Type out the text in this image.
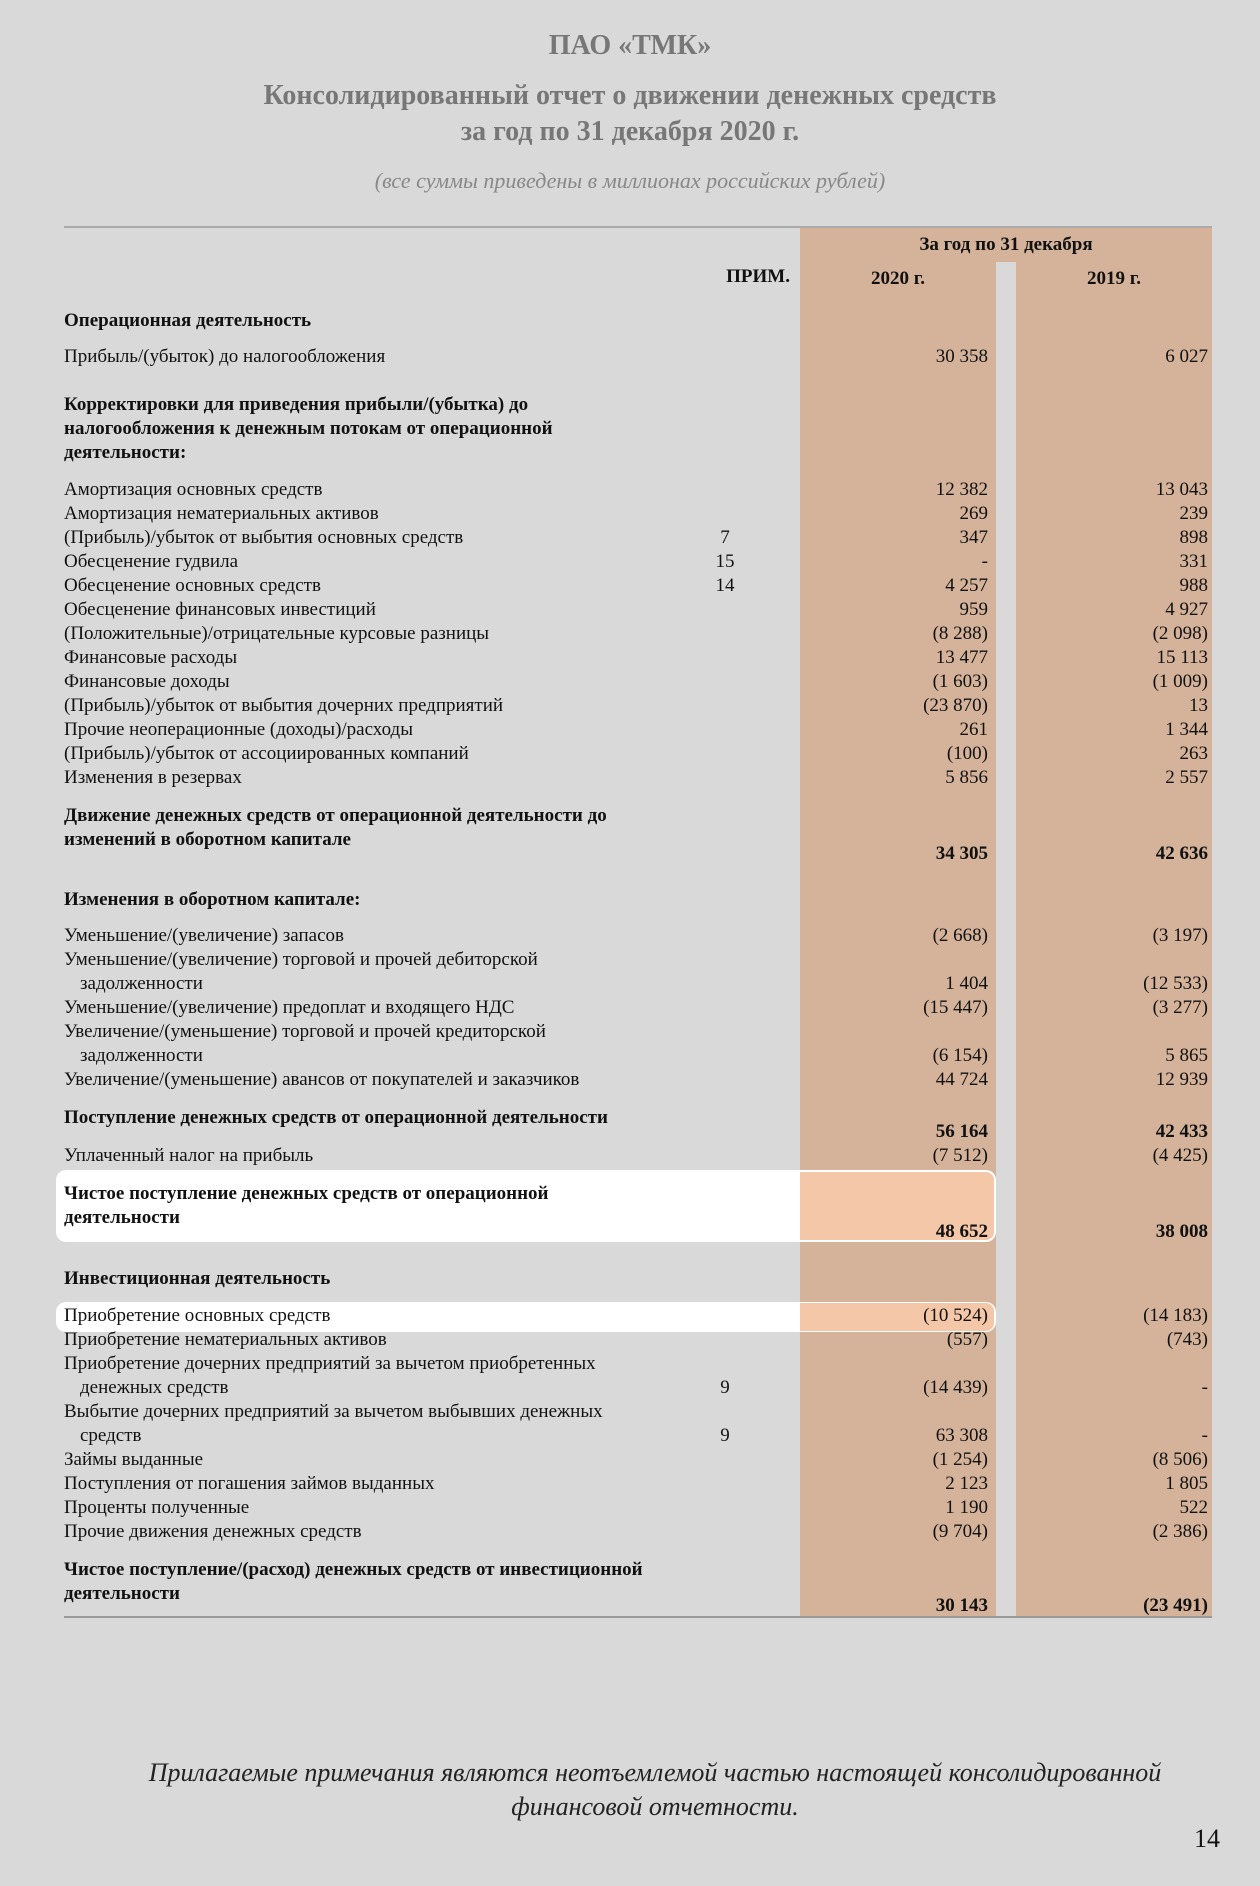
ПАО «ТМК»
Консолидированный отчет о движении денежных средств
за год по 31 декабря 2020 г.
(все суммы приведены в миллионах российских рублей)
За год по 31 декабря
ПРИМ.	2020 г.	2019 г.
Операционная деятельность
Прибыль/(убыток) до налогообложения	30 358	6 027
Корректировки для приведения прибыли/(убытка) до
налогообложения к денежным потокам от операционной
деятельности:
Амортизация основных средств	12 382	13 043
Амортизация нематериальных активов	269	239
(Прибыль)/убыток от выбытия основных средств	7	347	898
Обесценение гудвила	15	-	331
Обесценение основных средств	14	4 257	988
Обесценение финансовых инвестиций	959	4 927
(Положительные)/отрицательные курсовые разницы	(8 288)	(2 098)
Финансовые расходы	13 477	15 113
Финансовые доходы	(1 603)	(1 009)
(Прибыль)/убыток от выбытия дочерних предприятий	(23 870)	13
Прочие неоперационные (доходы)/расходы	261	1 344
(Прибыль)/убыток от ассоциированных компаний	(100)	263
Изменения в резервах	5 856	2 557
Движение денежных средств от операционной деятельности до
изменений в оборотном капитале
34 305	42 636
Изменения в оборотном капитале:
Уменьшение/(увеличение) запасов	(2 668)	(3 197)
Уменьшение/(увеличение) торговой и прочей дебиторской
задолженности	1 404	(12 533)
Уменьшение/(увеличение) предоплат и входящего НДС	(15 447)	(3 277)
Увеличение/(уменьшение) торговой и прочей кредиторской
задолженности	(6 154)	5 865
Увеличение/(уменьшение) авансов от покупателей и заказчиков	44 724	12 939
Поступление денежных средств от операционной деятельности
56 164	42 433
Уплаченный налог на прибыль	(7 512)	(4 425)
Чистое поступление денежных средств от операционной
деятельности
48 652	38 008
Инвестиционная деятельность
Приобретение основных средств	(10 524)	(14 183)
Приобретение нематериальных активов	(557)	(743)
Приобретение дочерних предприятий за вычетом приобретенных
денежных средств	9	(14 439)	-
Выбытие дочерних предприятий за вычетом выбывших денежных
средств	9	63 308	-
Займы выданные	(1 254)	(8 506)
Поступления от погашения займов выданных	2 123	1 805
Проценты полученные	1 190	522
Прочие движения денежных средств	(9 704)	(2 386)
Чистое поступление/(расход) денежных средств от инвестиционной
деятельности
30 143	(23 491)
Прилагаемые примечания являются неотъемлемой частью настоящей консолидированной
финансовой отчетности.
14
